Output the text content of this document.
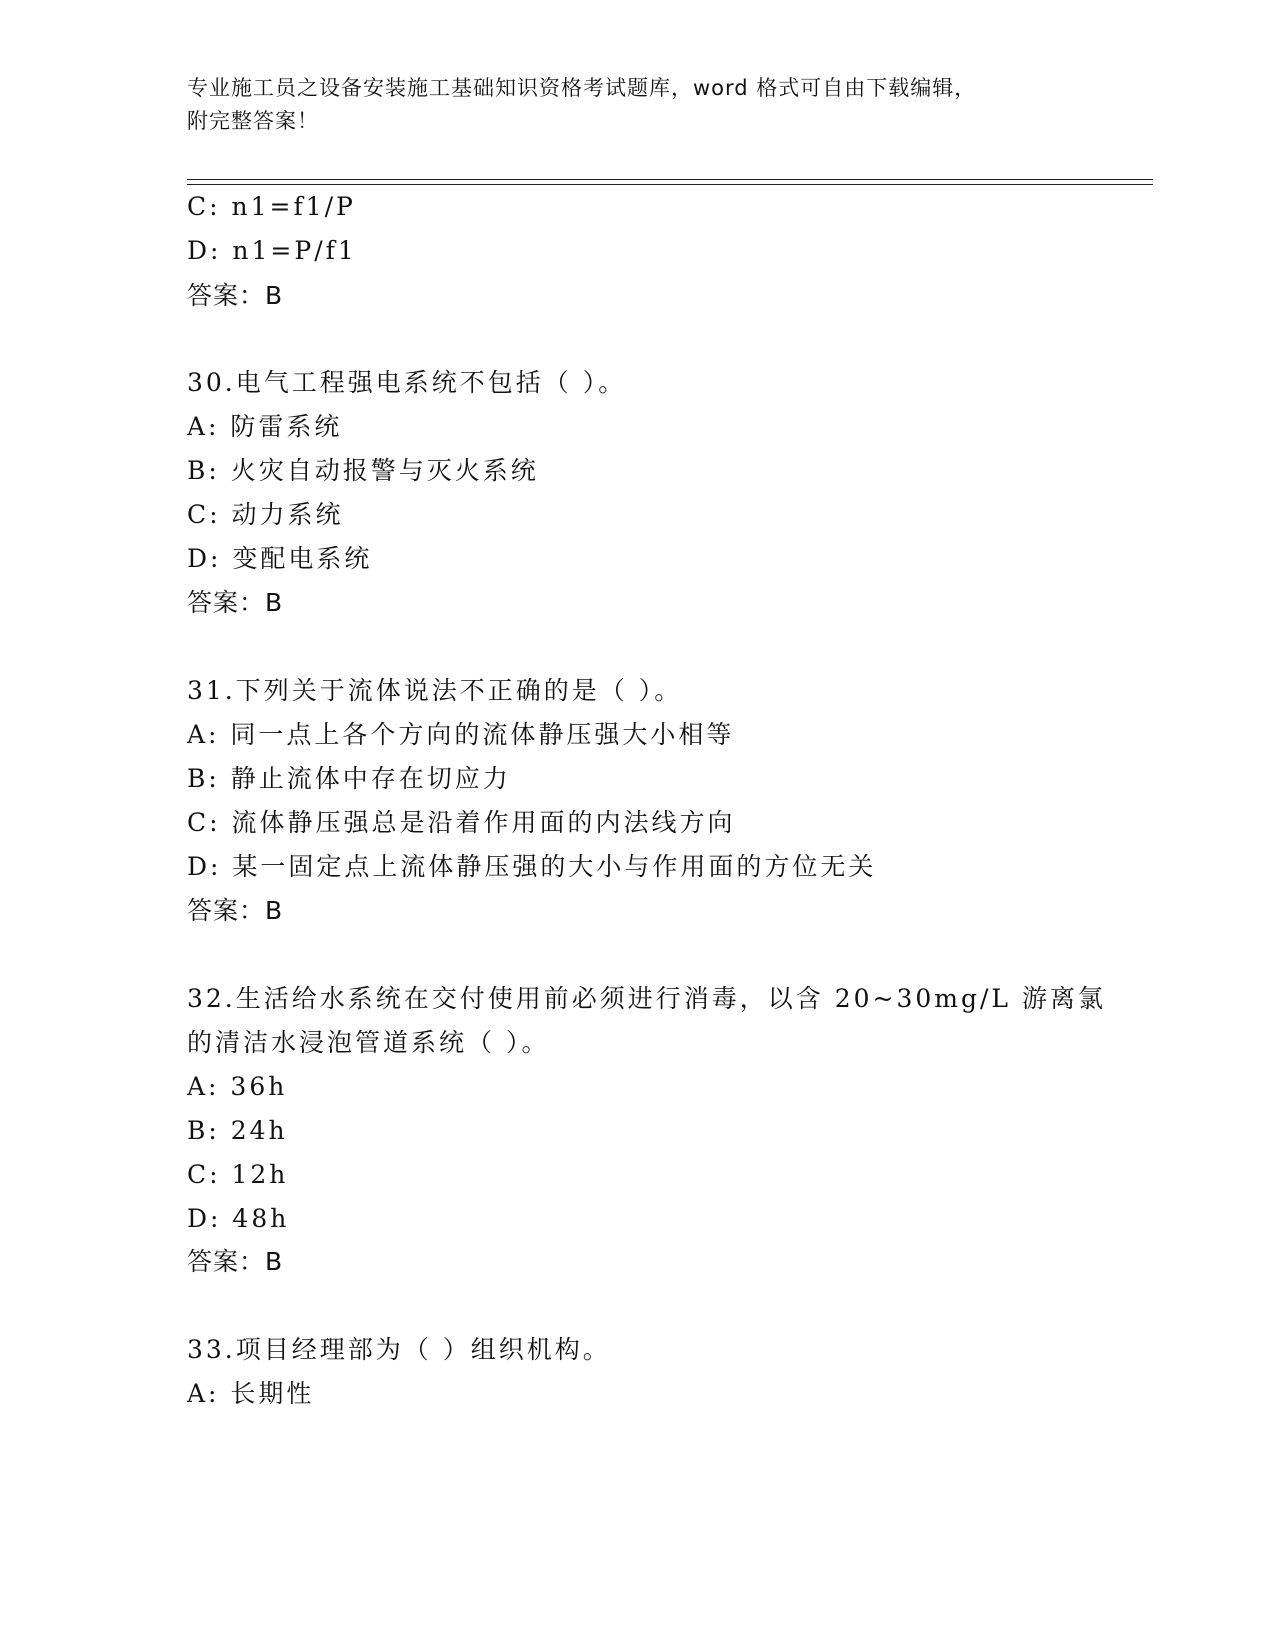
专业施工员之设备安装施工基础知识资格考试题库，word 格式可自由下载编辑，
附完整答案！
C: n1=f1/P
D: n1=P/f1
答案：B
30.电气工程强电系统不包括（ ）。
A: 防雷系统
B: 火灾自动报警与灭火系统
C: 动力系统
D: 变配电系统
答案：B
31.下列关于流体说法不正确的是（ ）。
A: 同一点上各个方向的流体静压强大小相等
B: 静止流体中存在切应力
C: 流体静压强总是沿着作用面的内法线方向
D: 某一固定点上流体静压强的大小与作用面的方位无关
答案：B
32.生活给水系统在交付使用前必须进行消毒，以含 20~30mg/L 游离氯
的清洁水浸泡管道系统（ ）。
A: 36h
B: 24h
C: 12h
D: 48h
答案：B
33.项目经理部为（ ）组织机构。
A: 长期性
